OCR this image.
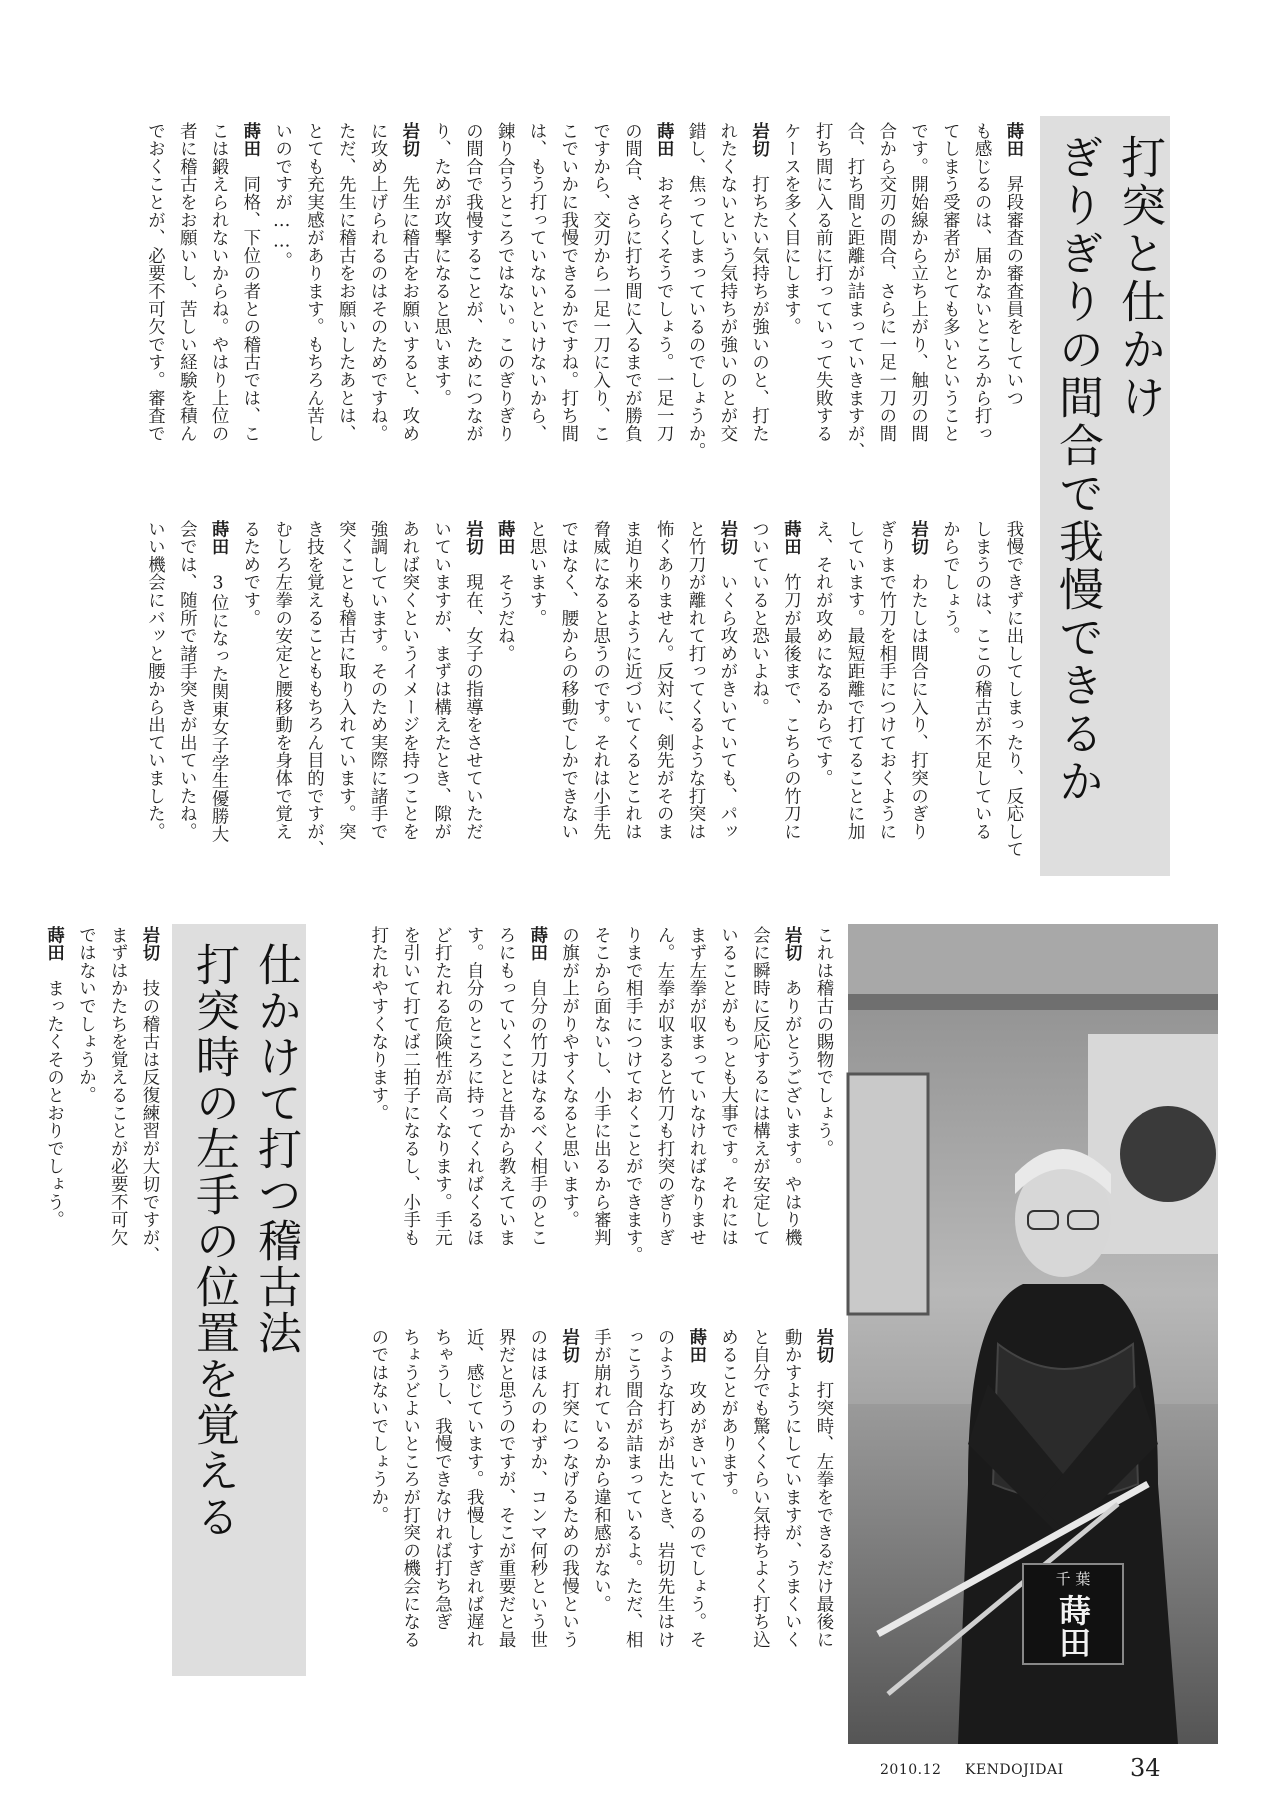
打突と仕かけ
ぎりぎりの間合で我慢できるか
蒔田　昇段審査の審査員をしていつ
も感じるのは、届かないところから打っ
てしまう受審者がとても多いということ
です。開始線から立ち上がり、触刃の間
合から交刃の間合、さらに一足一刀の間
合、打ち間と距離が詰まっていきますが、
打ち間に入る前に打っていって失敗する
ケースを多く目にします。
岩切　打ちたい気持ちが強いのと、打た
れたくないという気持ちが強いのとが交
錯し、焦ってしまっているのでしょうか。
蒔田　おそらくそうでしょう。一足一刀
の間合、さらに打ち間に入るまでが勝負
ですから、交刃から一足一刀に入り、こ
こでいかに我慢できるかですね。打ち間
は、もう打っていないといけないから、
錬り合うところではない。このぎりぎり
の間合で我慢することが、ためにつなが
り、ためが攻撃になると思います。
岩切　先生に稽古をお願いすると、攻め
に攻め上げられるのはそのためですね。
ただ、先生に稽古をお願いしたあとは、
とても充実感があります。もちろん苦し
いのですが……。
蒔田　同格、下位の者との稽古では、こ
こは鍛えられないからね。やはり上位の
者に稽古をお願いし、苦しい経験を積ん
でおくことが、必要不可欠です。審査で
我慢できずに出してしまったり、反応して
しまうのは、ここの稽古が不足している
からでしょう。
岩切　わたしは間合に入り、打突のぎり
ぎりまで竹刀を相手につけておくように
しています。最短距離で打てることに加
え、それが攻めになるからです。
蒔田　竹刀が最後まで、こちらの竹刀に
ついていると恐いよね。
岩切　いくら攻めがきいていても、パッ
と竹刀が離れて打ってくるような打突は
怖くありません。反対に、剣先がそのま
ま迫り来るように近づいてくるとこれは
脅威になると思うのです。それは小手先
ではなく、腰からの移動でしかできない
と思います。
蒔田　そうだね。
岩切　現在、女子の指導をさせていただ
いていますが、まずは構えたとき、隙が
あれば突くというイメージを持つことを
強調しています。そのため実際に諸手で
突くことも稽古に取り入れています。突
き技を覚えることももちろん目的ですが、
むしろ左拳の安定と腰移動を身体で覚え
るためです。
蒔田　3位になった関東女子学生優勝大
会では、随所で諸手突きが出ていたね。
いい機会にバッと腰から出ていました。
千 葉
蒔田
これは稽古の賜物でしょう。
岩切　ありがとうございます。やはり機
会に瞬時に反応するには構えが安定して
いることがもっとも大事です。それには
まず左拳が収まっていなければなりませ
ん。左拳が収まると竹刀も打突のぎりぎ
りまで相手につけておくことができます。
そこから面ないし、小手に出るから審判
の旗が上がりやすくなると思います。
蒔田　自分の竹刀はなるべく相手のとこ
ろにもっていくことと昔から教えていま
す。自分のところに持ってくればくるほ
ど打たれる危険性が高くなります。手元
を引いて打てば二拍子になるし、小手も
打たれやすくなります。
岩切　打突時、左拳をできるだけ最後に
動かすようにしていますが、うまくいく
と自分でも驚くくらい気持ちよく打ち込
めることがあります。
蒔田　攻めがきいているのでしょう。そ
のような打ちが出たとき、岩切先生はけ
っこう間合が詰まっているよ。ただ、相
手が崩れているから違和感がない。
岩切　打突につなげるための我慢という
のはほんのわずか、コンマ何秒という世
界だと思うのですが、そこが重要だと最
近、感じています。我慢しすぎれば遅れ
ちゃうし、我慢できなければ打ち急ぎ
ちょうどよいところが打突の機会になる
のではないでしょうか。
仕かけて打つ稽古法
打突時の左手の位置を覚える
岩切　技の稽古は反復練習が大切ですが、
まずはかたちを覚えることが必要不可欠
ではないでしょうか。
蒔田　まったくそのとおりでしょう。
2010.12 KENDOJIDAI	34
